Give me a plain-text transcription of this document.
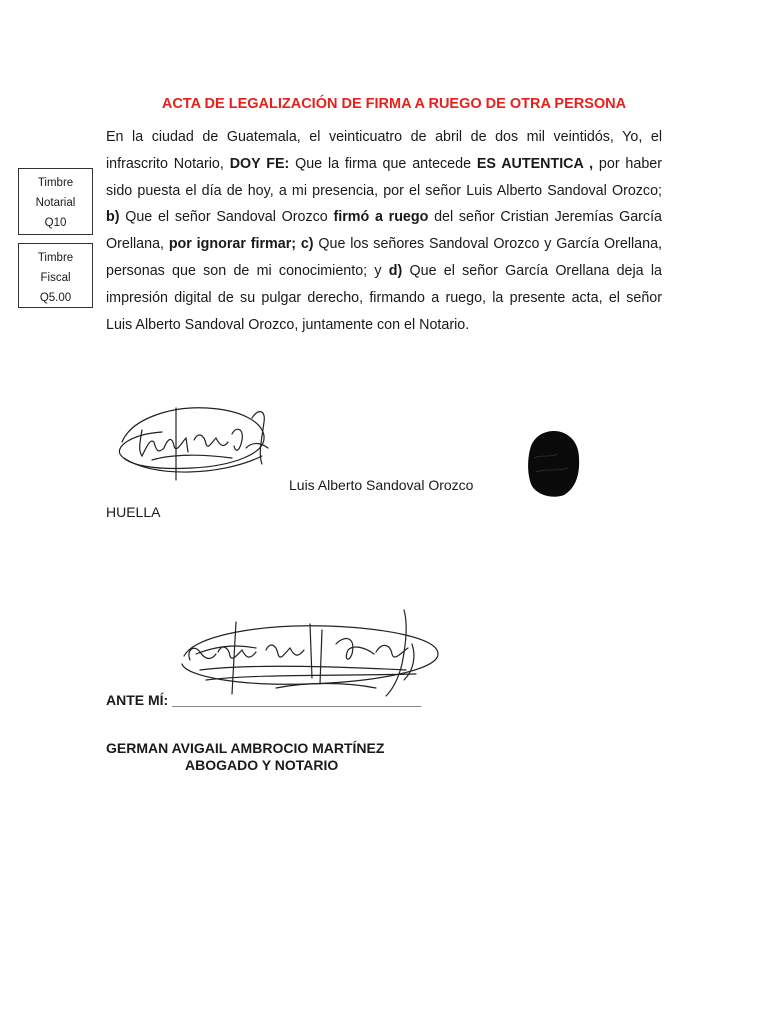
ACTA DE LEGALIZACIÓN DE FIRMA A RUEGO DE OTRA PERSONA
Timbre
Notarial
Q10
Timbre
Fiscal
Q5.00
En la ciudad de Guatemala, el veinticuatro de abril de dos mil veintidós, Yo, el infrascrito Notario, DOY FE: Que la firma que antecede ES AUTENTICA , por haber sido puesta el día de hoy, a mi presencia, por el señor Luis Alberto Sandoval Orozco; b) Que el señor Sandoval Orozco firmó a ruego del señor Cristian Jeremías García Orellana, por ignorar firmar; c) Que los señores Sandoval Orozco y García Orellana, personas que son de mi conocimiento; y d) Que el señor García Orellana deja la impresión digital de su pulgar derecho, firmando a ruego, la presente acta, el señor Luis Alberto Sandoval Orozco, juntamente con el Notario.
Luis Alberto Sandoval Orozco
HUELLA
ANTE MÍ: ________________________________
GERMAN AVIGAIL AMBROCIO MARTÍNEZ
ABOGADO Y NOTARIO
